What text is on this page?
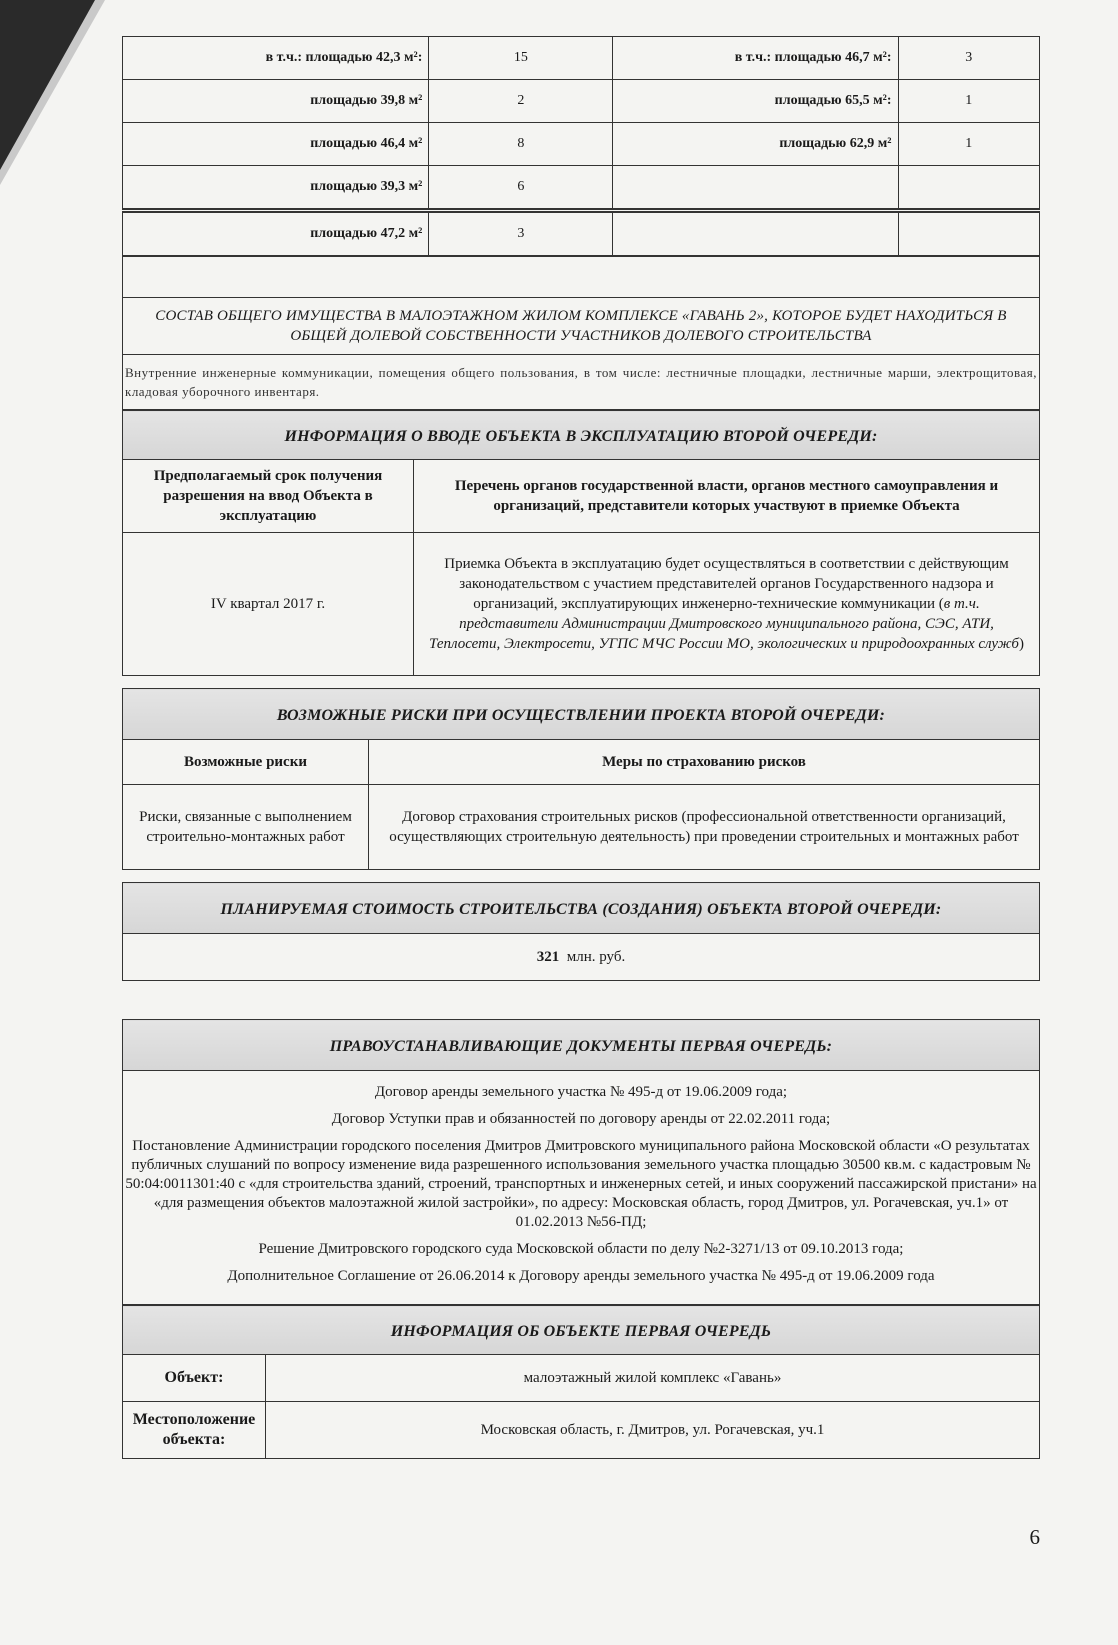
в т.ч.: площадью 42,3 м²:	15	в т.ч.: площадью 46,7 м²:	3
площадью 39,8 м²	2	площадью 65,5 м²:	1
площадью 46,4 м²	8	площадью 62,9 м²	1
площадью 39,3 м²	6		
площадью 47,2 м²	3		

СОСТАВ ОБЩЕГО ИМУЩЕСТВА В МАЛОЭТАЖНОМ ЖИЛОМ КОМПЛЕКСЕ «ГАВАНЬ 2», КОТОРОЕ БУДЕТ НАХОДИТЬСЯ В ОБЩЕЙ ДОЛЕВОЙ СОБСТВЕННОСТИ УЧАСТНИКОВ ДОЛЕВОГО СТРОИТЕЛЬСТВА
Внутренние инженерные коммуникации, помещения общего пользования, в том числе: лестничные площадки, лестничные марши, электрощитовая, кладовая уборочного инвентаря.
ИНФОРМАЦИЯ О ВВОДЕ ОБЪЕКТА В ЭКСПЛУАТАЦИЮ ВТОРОЙ ОЧЕРЕДИ:	
Предполагаемый срок получения разрешения на ввод Объекта в эксплуатацию	Перечень органов государственной власти, органов местного самоуправления и организаций, представители которых участвуют в приемке Объекта
IV квартал 2017 г.	Приемка Объекта в эксплуатацию будет осуществляться в соответствии с действующим законодательством с участием представителей органов Государственного надзора и организаций, эксплуатирующих инженерно-технические коммуникации (в т.ч. представители Администрации Дмитровского муниципального района, СЭС, АТИ, Теплосети, Электросети, УГПС МЧС России МО, экологических и природоохранных служб)
ВОЗМОЖНЫЕ РИСКИ ПРИ ОСУЩЕСТВЛЕНИИ ПРОЕКТА ВТОРОЙ ОЧЕРЕДИ:	
Возможные риски	Меры по страхованию рисков
Риски, связанные с выполнением строительно-монтажных работ	Договор страхования строительных рисков (профессиональной ответственности организаций, осуществляющих строительную деятельность) при проведении строительных и монтажных работ
ПЛАНИРУЕМАЯ СТОИМОСТЬ СТРОИТЕЛЬСТВА (СОЗДАНИЯ) ОБЪЕКТА ВТОРОЙ ОЧЕРЕДИ:
321 млн. руб.
ПРАВОУСТАНАВЛИВАЮЩИЕ ДОКУМЕНТЫ ПЕРВАЯ ОЧЕРЕДЬ:

Договор аренды земельного участка № 495-д от 19.06.2009 года;

Договор Уступки прав и обязанностей по договору аренды от 22.02.2011 года;

Постановление Администрации городского поселения Дмитров Дмитровского муниципального района Московской области «О результатах публичных слушаний по вопросу изменение вида разрешенного использования земельного участка площадью 30500 кв.м. с кадастровым № 50:04:0011301:40 с «для строительства зданий, строений, транспортных и инженерных сетей, и иных сооружений пассажирской пристани» на «для размещения объектов малоэтажной жилой застройки», по адресу: Московская область, город Дмитров, ул. Рогачевская, уч.1» от 01.02.2013 №56-ПД;

Решение Дмитровского городского суда Московской области по делу №2-3271/13 от 09.10.2013 года;

Дополнительное Соглашение от 26.06.2014 к Договору аренды земельного участка № 495-д от 19.06.2009 года

ИНФОРМАЦИЯ ОБ ОБЪЕКТЕ ПЕРВАЯ ОЧЕРЕДЬ	
Объект:	малоэтажный жилой комплекс «Гавань»
Местоположение объекта:	Московская область, г. Дмитров, ул. Рогачевская, уч.1
6
